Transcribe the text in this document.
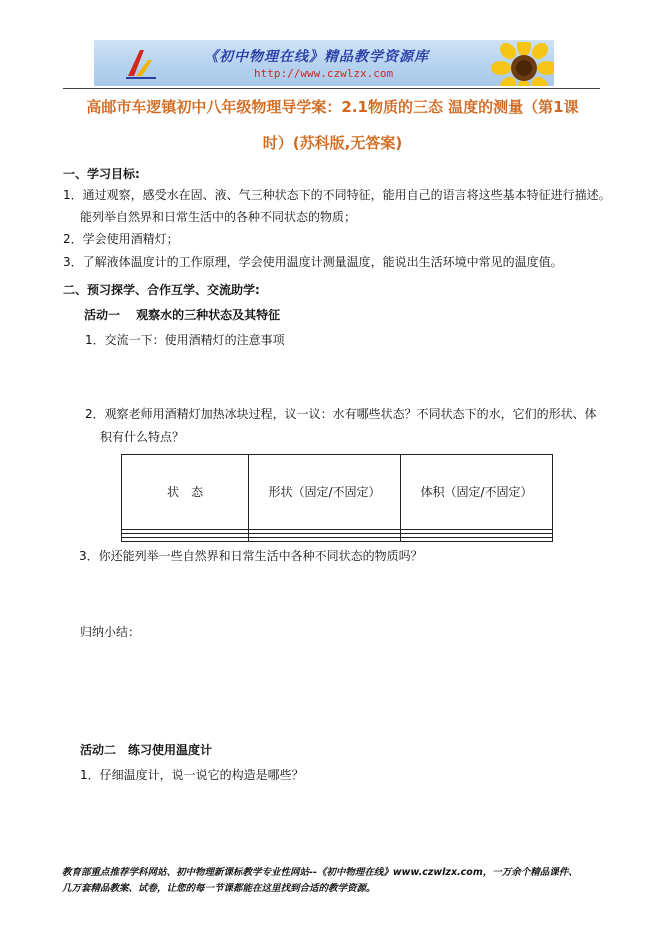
《初中物理在线》精品教学资源库
http://www.czwlzx.com
高邮市车逻镇初中八年级物理导学案：2.1物质的三态 温度的测量（第1课
时）(苏科版,无答案)
一、学习目标:
1．通过观察，感受水在固、液、气三种状态下的不同特征，能用自己的语言将这些基本特征进行描述。
能列举自然界和日常生活中的各种不同状态的物质；
2．学会使用酒精灯；
3．了解液体温度计的工作原理，学会使用温度计测量温度，能说出生活环境中常见的温度值。
二、预习探学、合作互学、交流助学:
活动一　 观察水的三种状态及其特征
1．交流一下：使用酒精灯的注意事项
2．观察老师用酒精灯加热冰块过程，议一议：水有哪些状态？不同状态下的水，它们的形状、体
积有什么特点？
状　态	形状（固定/不固定）	体积（固定/不固定）

3．你还能列举一些自然界和日常生活中各种不同状态的物质吗？
归纳小结：
活动二　练习使用温度计
1．仔细温度计，说一说它的构造是哪些？
教育部重点推荐学科网站、初中物理新课标教学专业性网站--《初中物理在线》www.czwlzx.com，一万余个精品课件、
几万套精品教案、试卷，让您的每一节课都能在这里找到合适的教学资源。
